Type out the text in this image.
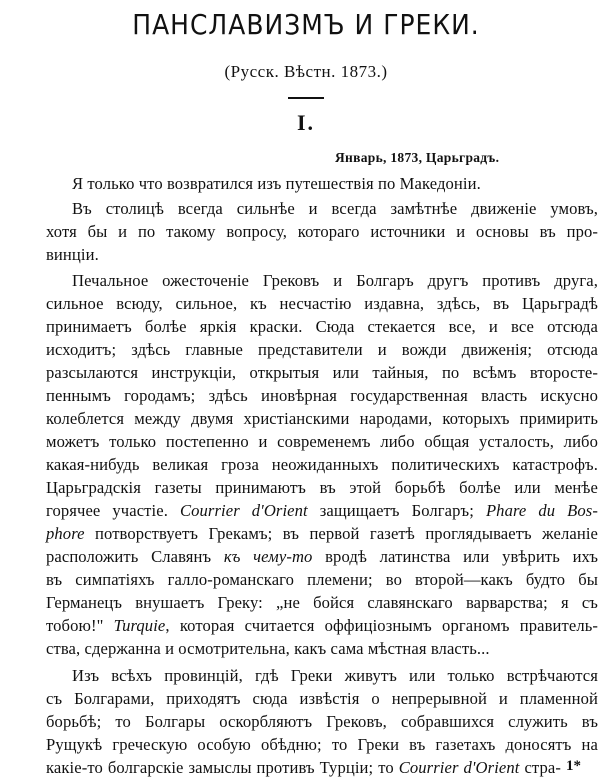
ПАНСЛАВИЗМЪ И ГРЕКИ.
(Русск. Вѣстн. 1873.)
I.
Январь, 1873, Царьградъ.
Я только что возвратился изъ путешествія по Македоніи.
Въ столицѣ всегда сильнѣе и всегда замѣтнѣе движеніе умовъ,
хотя бы и по такому вопросу, котораго источники и основы въ про-
винціи.
Печальное ожесточеніе Грековъ и Болгаръ другъ противъ друга,
сильное всюду, сильное, къ несчастію издавна, здѣсь, въ Царьградѣ
принимаетъ болѣе яркія краски. Сюда стекается все, и все отсюда
исходитъ; здѣсь главные представители и вожди движенія; отсюда
разсылаются инструкціи, открытыя или тайныя, по всѣмъ второсте-
пеннымъ городамъ; здѣсь иновѣрная государственная власть искусно
колеблется между двумя христіанскими народами, которыхъ примирить
можетъ только постепенно и современемъ либо общая усталость, либо
какая-нибудь великая гроза неожиданныхъ политическихъ катастрофъ.
Царьградскія газеты принимаютъ въ этой борьбѣ болѣе или менѣе
горячее участіе. Courrier d'Orient защищаетъ Болгаръ; Phare du Bos-
phore потворствуетъ Грекамъ; въ первой газетѣ проглядываетъ желаніе
расположить Славянъ къ чему-то вродѣ латинства или увѣрить ихъ
въ симпатіяхъ галло-романскаго племени; во второй—какъ будто бы
Германецъ внушаетъ Греку: „не бойся славянскаго варварства; я съ
тобою!" Turquie, которая считается оффиціознымъ органомъ правитель-
ства, сдержанна и осмотрительна, какъ сама мѣстная власть...
Изъ всѣхъ провинцій, гдѣ Греки живутъ или только встрѣчаются
съ Болгарами, приходятъ сюда извѣстія о непрерывной и пламенной
борьбѣ; то Болгары оскорбляютъ Грековъ, собравшихся служить въ
Рущукѣ греческую особую обѣдню; то Греки въ газетахъ доносятъ на
какіе-то болгарскіе замыслы противъ Турціи; то Courrier d'Orient стра- 1*
